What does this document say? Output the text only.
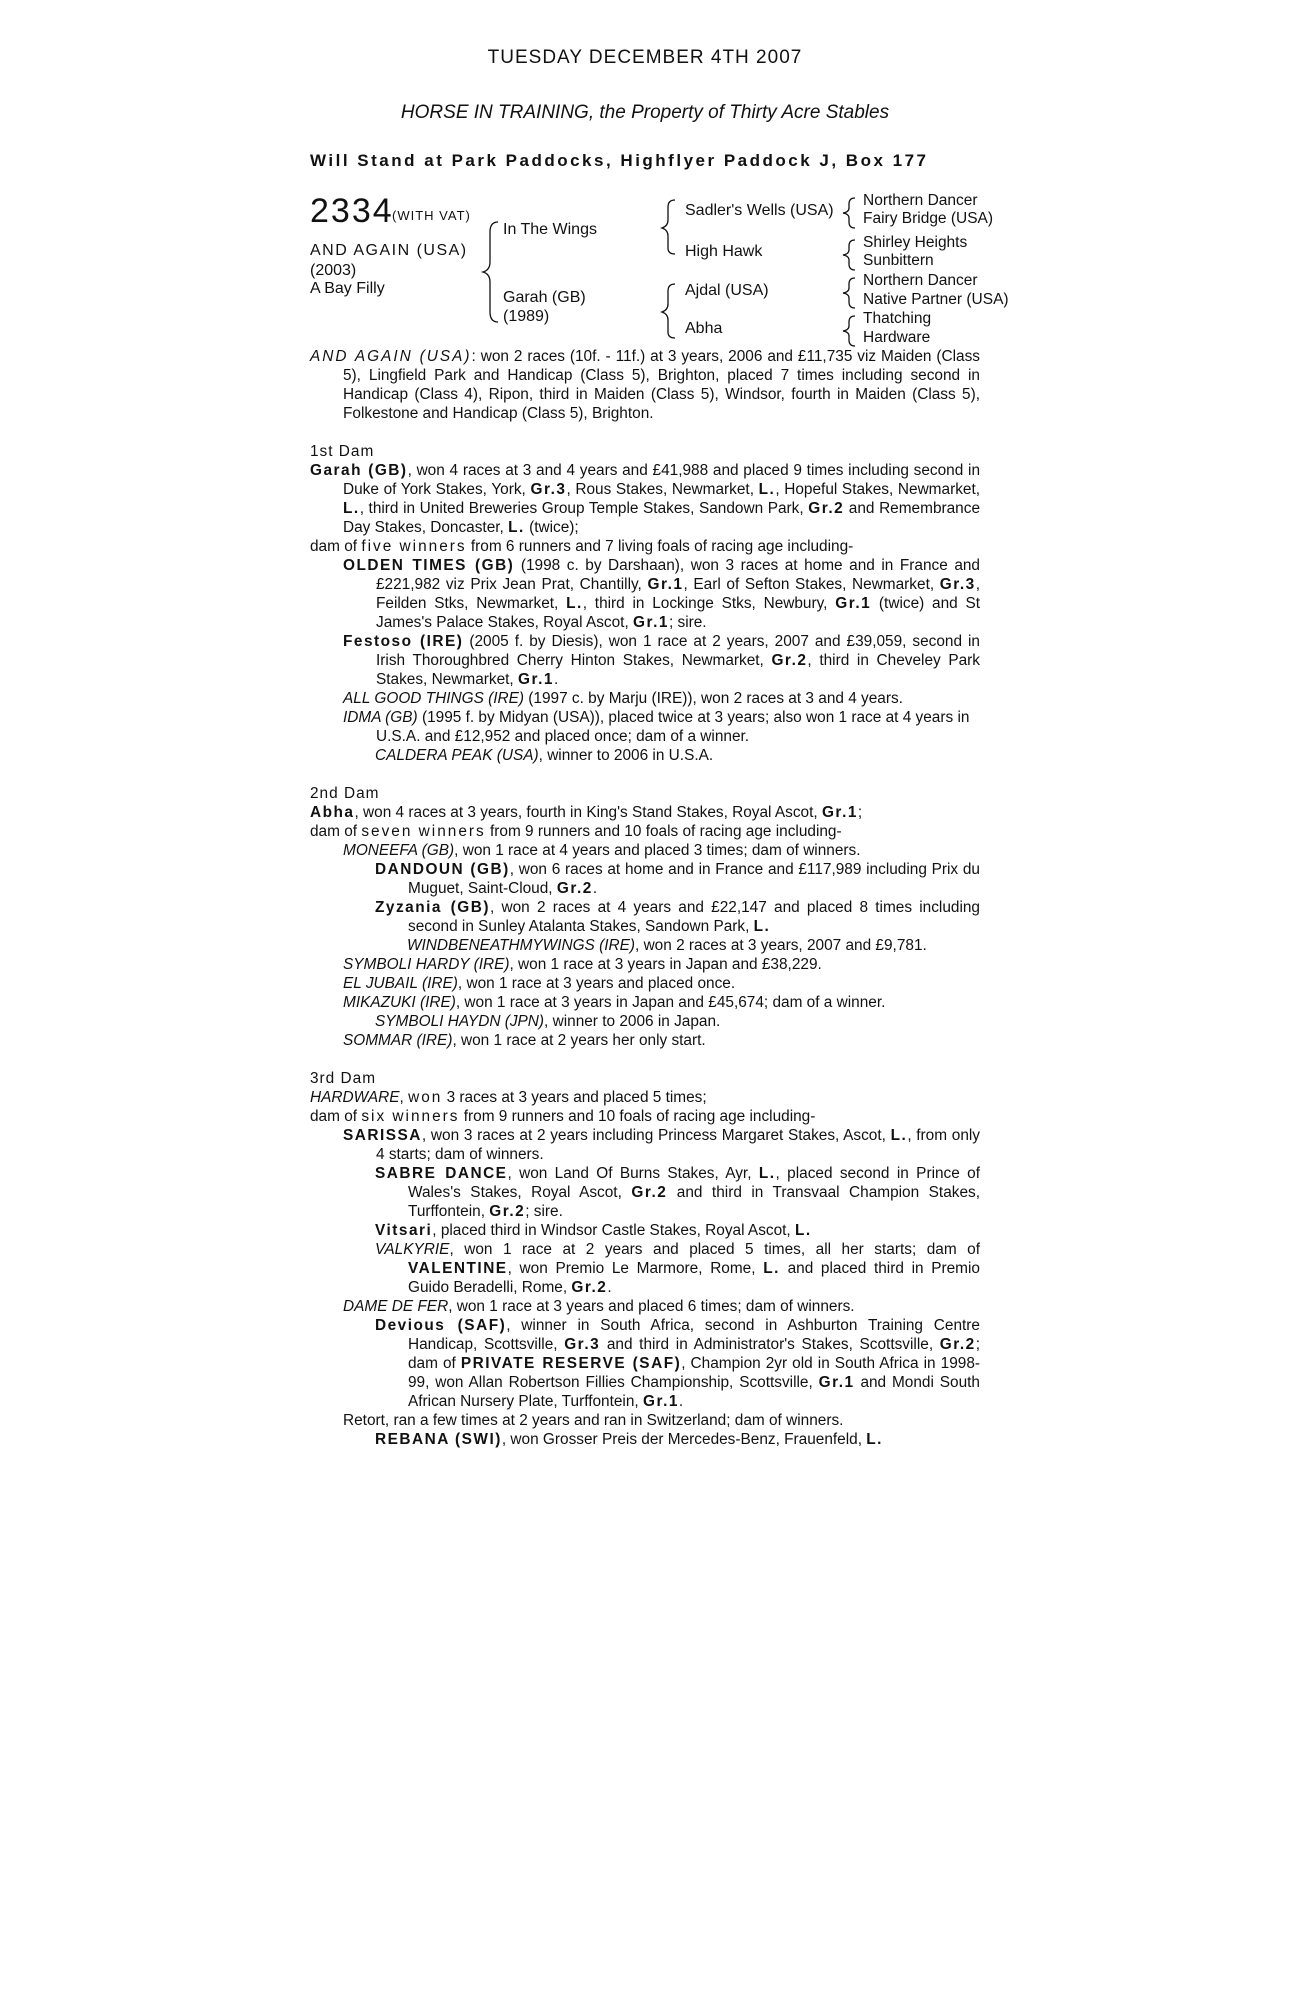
TUESDAY DECEMBER 4TH 2007
HORSE IN TRAINING, the Property of Thirty Acre Stables
Will Stand at Park Paddocks, Highflyer Paddock J, Box 177
2334
(WITH VAT)
AND AGAIN (USA)
(2003)
A Bay Filly
In The Wings
Garah (GB)
(1989)
Sadler's Wells (USA)
High Hawk
Ajdal (USA)
Abha
Northern Dancer
Fairy Bridge (USA)
Shirley Heights
Sunbittern
Northern Dancer
Native Partner (USA)
Thatching
Hardware

AND AGAIN (USA): won 2 races (10f. - 11f.) at 3 years, 2006 and £11,735 viz Maiden (Class 5), Lingfield Park and Handicap (Class 5), Brighton, placed 7 times including second in Handicap (Class 4), Ripon, third in Maiden (Class 5), Windsor, fourth in Maiden (Class 5), Folkestone and Handicap (Class 5), Brighton.

1st Dam

Garah (GB), won 4 races at 3 and 4 years and £41,988 and placed 9 times including second in Duke of York Stakes, York, Gr.3, Rous Stakes, Newmarket, L., Hopeful Stakes, Newmarket, L., third in United Breweries Group Temple Stakes, Sandown Park, Gr.2 and Remembrance Day Stakes, Doncaster, L. (twice);

dam of five winners from 6 runners and 7 living foals of racing age including-

OLDEN TIMES (GB) (1998 c. by Darshaan), won 3 races at home and in France and £221,982 viz Prix Jean Prat, Chantilly, Gr.1, Earl of Sefton Stakes, Newmarket, Gr.3, Feilden Stks, Newmarket, L., third in Lockinge Stks, Newbury, Gr.1 (twice) and St James's Palace Stakes, Royal Ascot, Gr.1; sire.

Festoso (IRE) (2005 f. by Diesis), won 1 race at 2 years, 2007 and £39,059, second in Irish Thoroughbred Cherry Hinton Stakes, Newmarket, Gr.2, third in Cheveley Park Stakes, Newmarket, Gr.1.

ALL GOOD THINGS (IRE) (1997 c. by Marju (IRE)), won 2 races at 3 and 4 years.

IDMA (GB) (1995 f. by Midyan (USA)), placed twice at 3 years; also won 1 race at 4 years in U.S.A. and £12,952 and placed once; dam of a winner.

CALDERA PEAK (USA), winner to 2006 in U.S.A.

2nd Dam

Abha, won 4 races at 3 years, fourth in King's Stand Stakes, Royal Ascot, Gr.1;

dam of seven winners from 9 runners and 10 foals of racing age including-

MONEEFA (GB), won 1 race at 4 years and placed 3 times; dam of winners.

DANDOUN (GB), won 6 races at home and in France and £117,989 including Prix du Muguet, Saint-Cloud, Gr.2.

Zyzania (GB), won 2 races at 4 years and £22,147 and placed 8 times including second in Sunley Atalanta Stakes, Sandown Park, L.

WINDBENEATHMYWINGS (IRE), won 2 races at 3 years, 2007 and £9,781.

SYMBOLI HARDY (IRE), won 1 race at 3 years in Japan and £38,229.

EL JUBAIL (IRE), won 1 race at 3 years and placed once.

MIKAZUKI (IRE), won 1 race at 3 years in Japan and £45,674; dam of a winner.

SYMBOLI HAYDN (JPN), winner to 2006 in Japan.

SOMMAR (IRE), won 1 race at 2 years her only start.

3rd Dam

HARDWARE, won 3 races at 3 years and placed 5 times;

dam of six winners from 9 runners and 10 foals of racing age including-

SARISSA, won 3 races at 2 years including Princess Margaret Stakes, Ascot, L., from only 4 starts; dam of winners.

SABRE DANCE, won Land Of Burns Stakes, Ayr, L., placed second in Prince of Wales's Stakes, Royal Ascot, Gr.2 and third in Transvaal Champion Stakes, Turffontein, Gr.2; sire.

Vitsari, placed third in Windsor Castle Stakes, Royal Ascot, L.

VALKYRIE, won 1 race at 2 years and placed 5 times, all her starts; dam of VALENTINE, won Premio Le Marmore, Rome, L. and placed third in Premio Guido Beradelli, Rome, Gr.2.

DAME DE FER, won 1 race at 3 years and placed 6 times; dam of winners.

Devious (SAF), winner in South Africa, second in Ashburton Training Centre Handicap, Scottsville, Gr.3 and third in Administrator's Stakes, Scottsville, Gr.2; dam of PRIVATE RESERVE (SAF), Champion 2yr old in South Africa in 1998-99, won Allan Robertson Fillies Championship, Scottsville, Gr.1 and Mondi South African Nursery Plate, Turffontein, Gr.1.

Retort, ran a few times at 2 years and ran in Switzerland; dam of winners.

REBANA (SWI), won Grosser Preis der Mercedes-Benz, Frauenfeld, L.
